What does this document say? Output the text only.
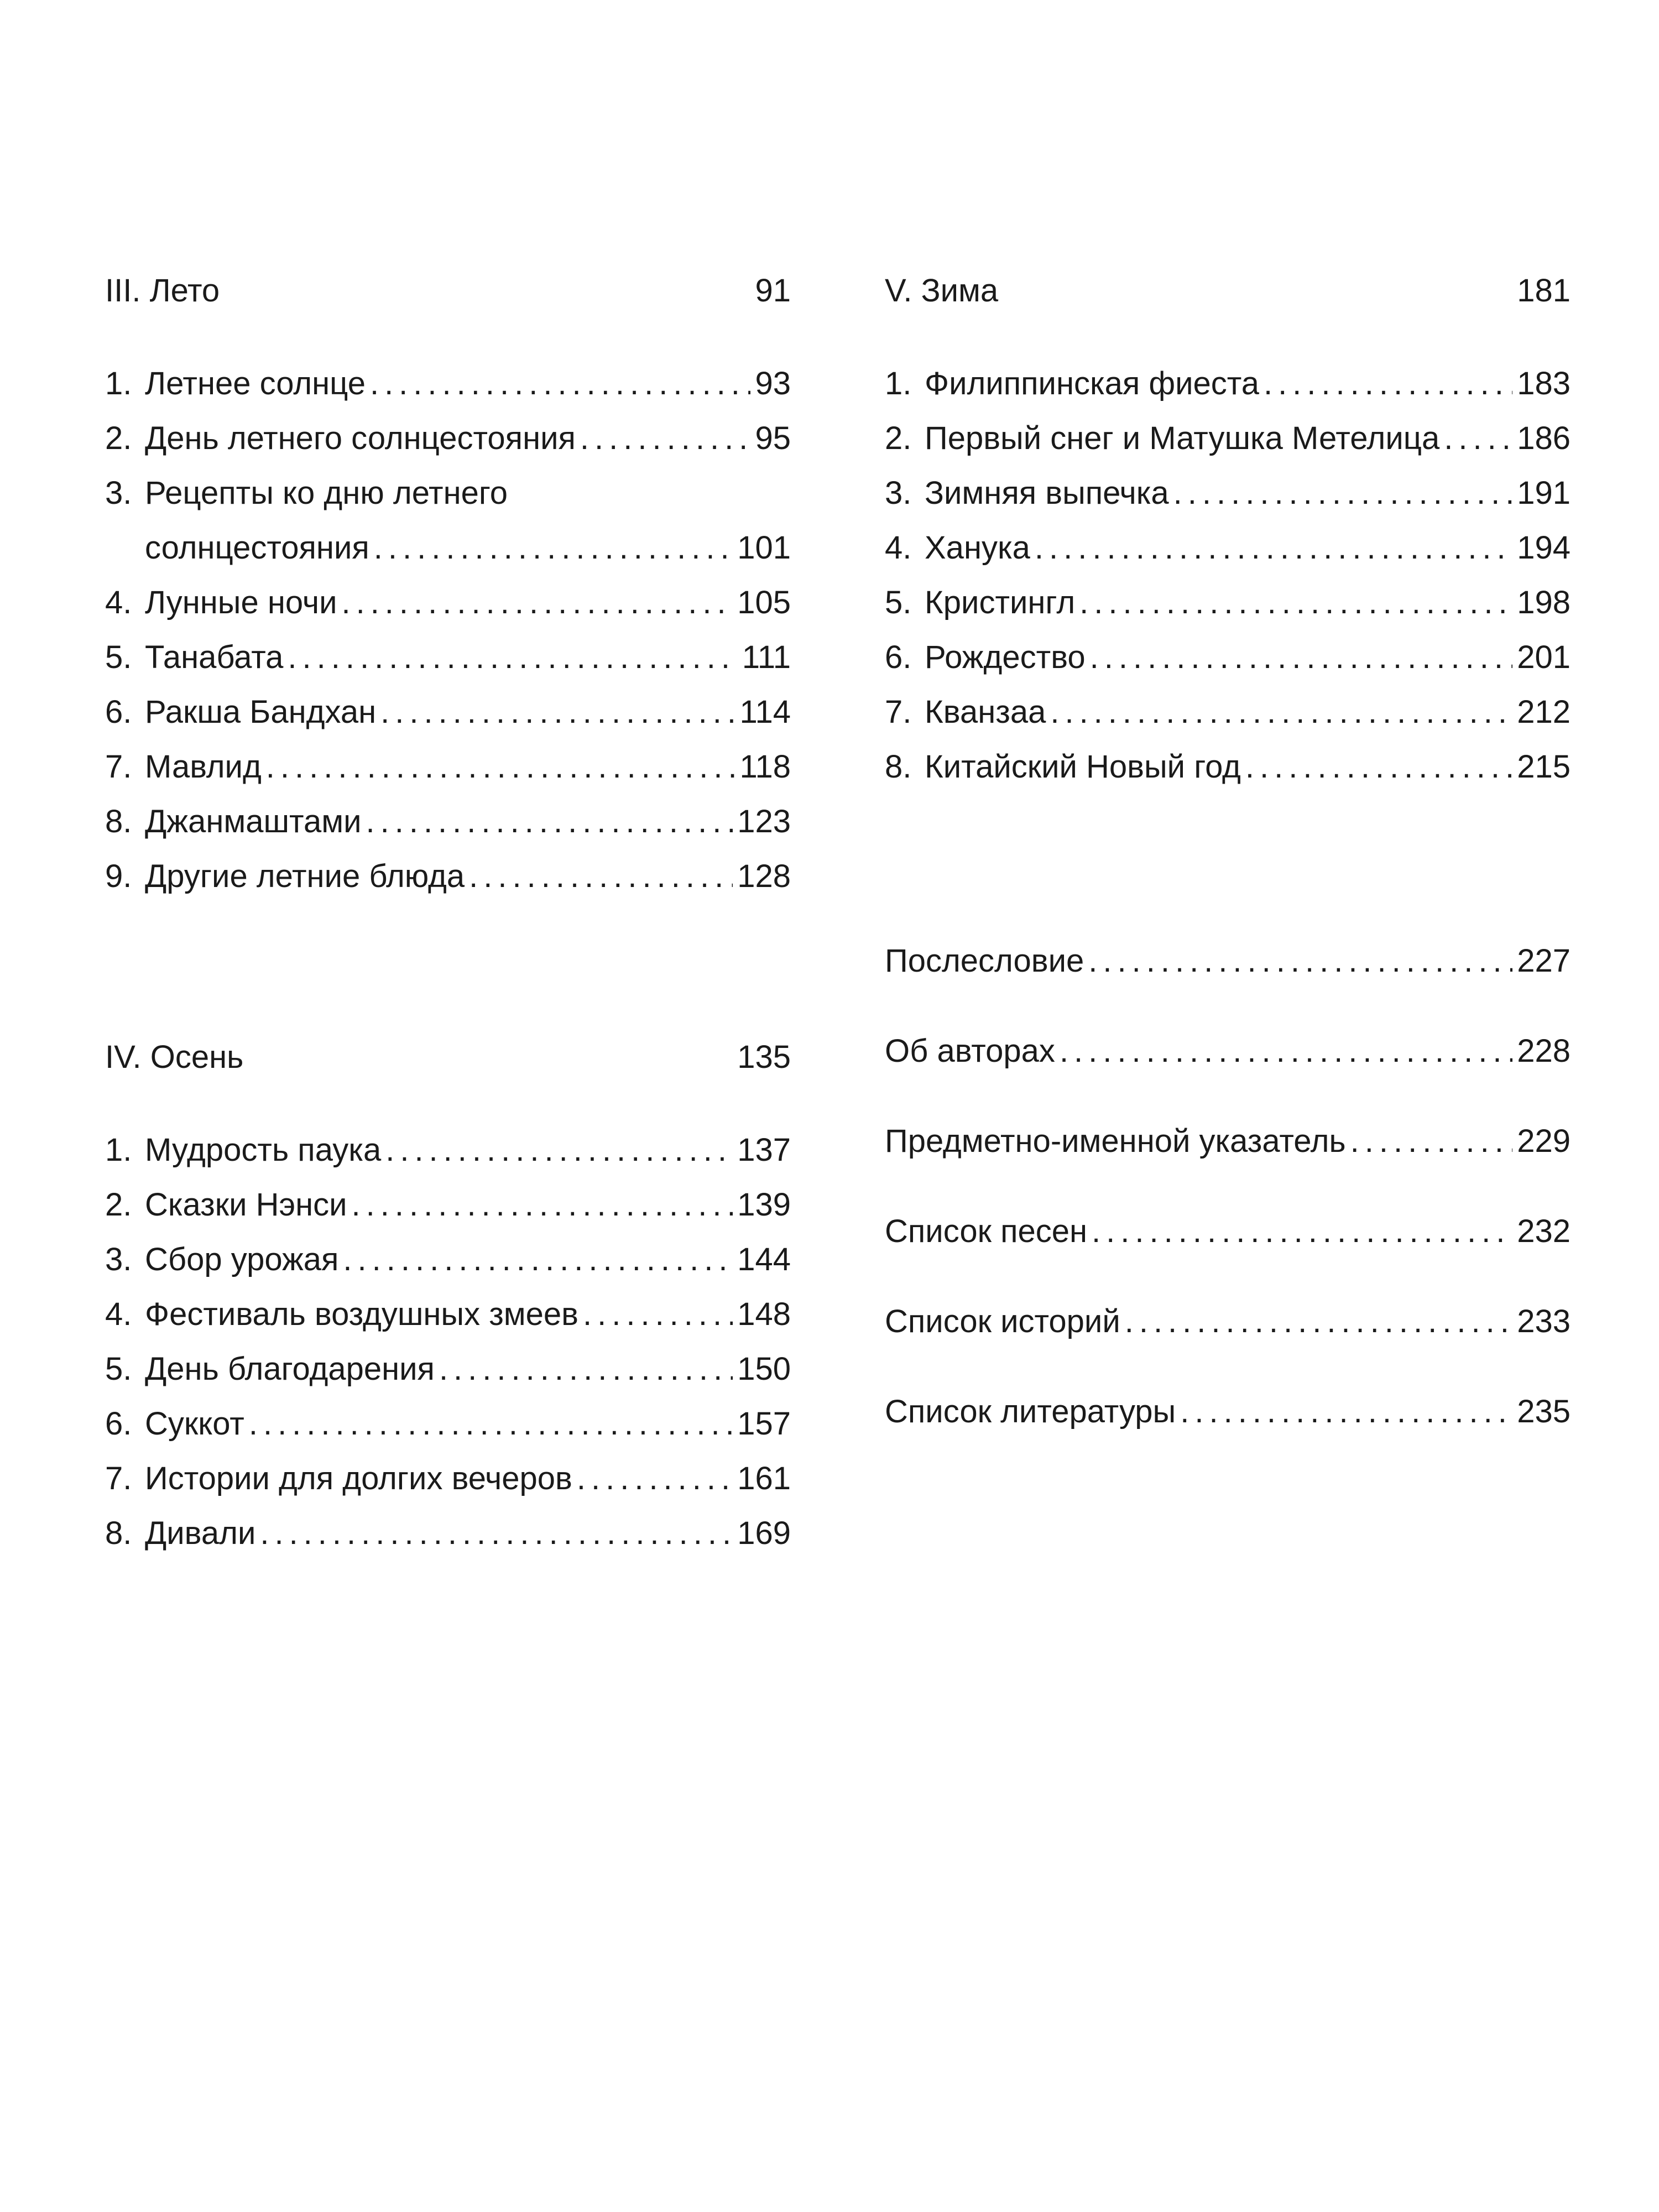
III. Лето	91
1. Летнее солнце .....	93
2. День летнего солнцестояния .....	95
3. Рецепты ко дню летнего
солнцестояния .....	101
4. Лунные ночи .....	105
5. Танабата .....	111
6. Ракша Бандхан .....	114
7. Мавлид .....	118
8. Джанмаштами .....	123
9. Другие летние блюда .....	128
IV. Осень	135
1. Мудрость паука .....	137
2. Сказки Нэнси .....	139
3. Сбор урожая .....	144
4. Фестиваль воздушных змеев .....	148
5. День благодарения .....	150
6. Суккот .....	157
7. Истории для долгих вечеров .....	161
8. Дивали .....	169
V. Зима	181
1. Филиппинская фиеста .....	183
2. Первый снег и Матушка Метелица ..... 186
3. Зимняя выпечка .....	191
4. Ханука .....	194
5. Кристингл .....	198
6. Рождество .....	201
7. Кванзаа .....	212
8. Китайский Новый год .....	215
Послесловие .....	227
Об авторах .....	228
Предметно-именной указатель .....	229
Список песен .....	232
Список историй .....	233
Список литературы .....	235
